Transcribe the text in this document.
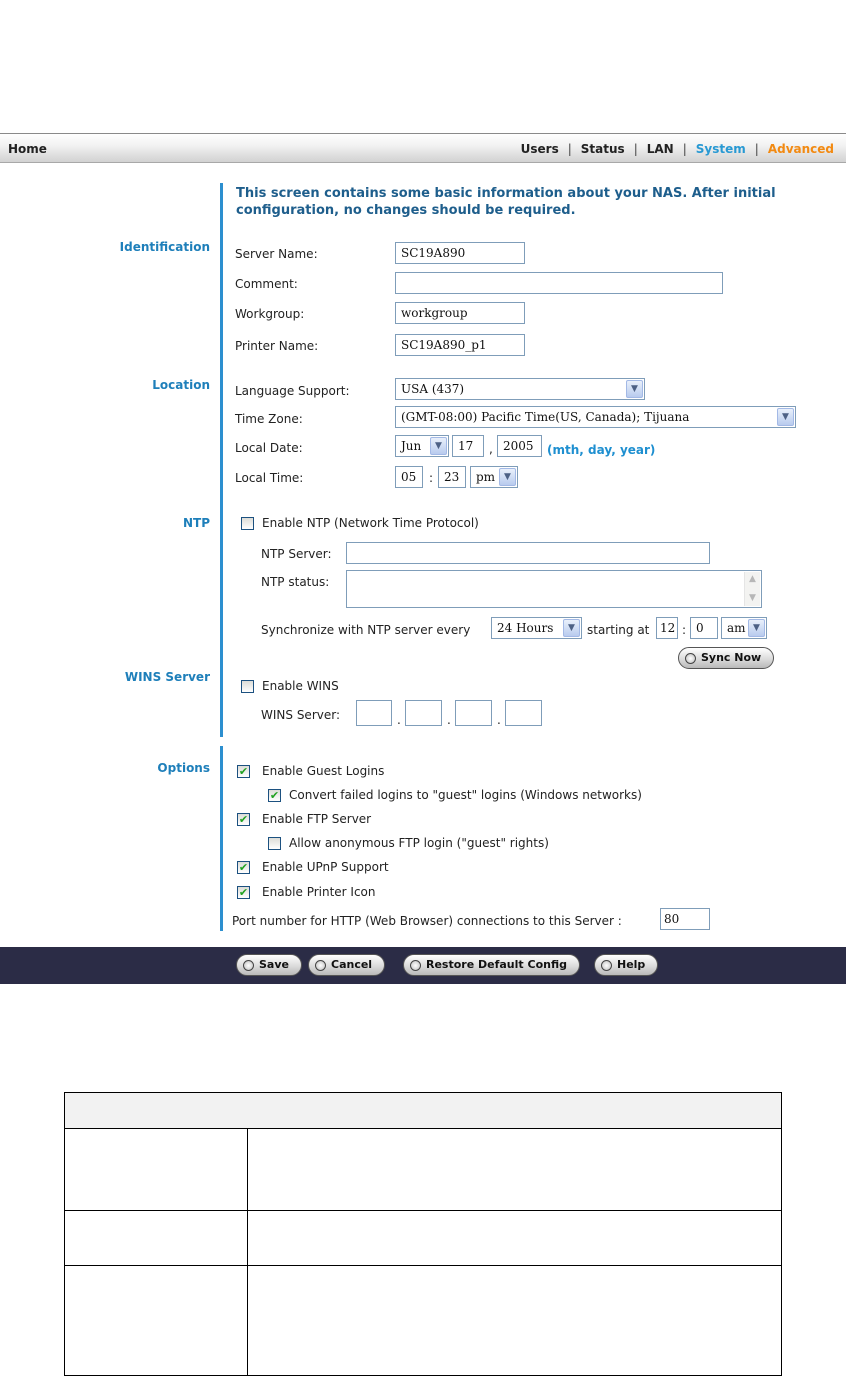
Home	Users | Status | LAN | System | Advanced
This screen contains some basic information about your NAS. After initial configuration, no changes should be required.
Identification Server Name:	SC19A890
Comment:
Workgroup:	workgroup
Printer Name:	SC19A890_p1
Location Language Support:	USA (437)	▼
Time Zone:	(GMT-08:00) Pacific Time(US, Canada); Tijuana	▼
Local Date:	Jun	▼	17	, 2005	(mth, day, year)
Local Time:	05	: 23	pm ▼
NTP	Enable NTP (Network Time Protocol)
NTP Server:
NTP status:	▲
▼
Synchronize with NTP server every	24 Hours	▼	starting at 12 : 0	am ▼
Sync Now
WINS Server
Enable WINS
WINS Server:	.	.	.
Options	✔ Enable Guest Logins
✔ Convert failed logins to "guest" logins (Windows networks)
✔ Enable FTP Server
Allow anonymous FTP login ("guest" rights)
✔ Enable UPnP Support
✔ Enable Printer Icon
Port number for HTTP (Web Browser) connections to this Server :	80
Save	Cancel	Restore Default Config	Help
